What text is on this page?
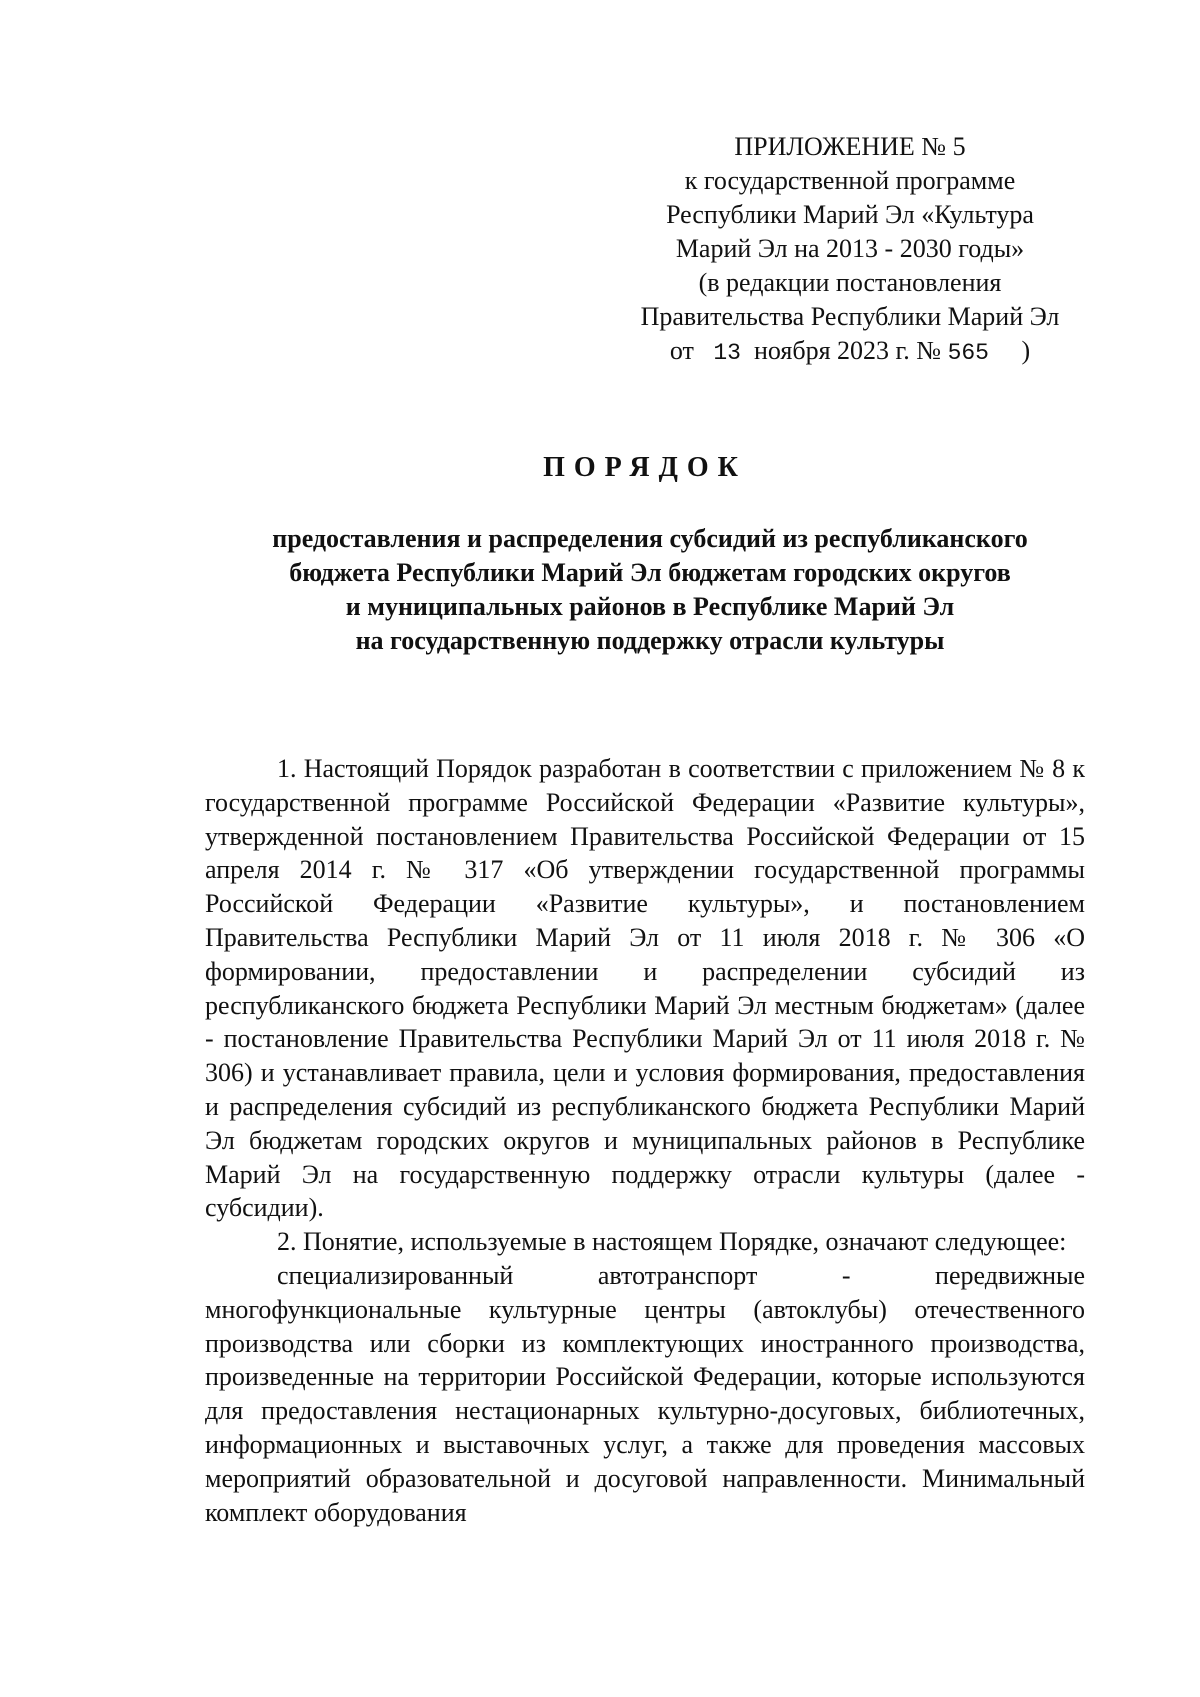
ПРИЛОЖЕНИЕ № 5
к государственной программе
Республики Марий Эл «Культура
Марий Эл на 2013 - 2030 годы»
(в редакции постановления
Правительства Республики Марий Эл
от 13 ноября 2023 г. № 565 )
ПОРЯДОК
предоставления и распределения субсидий из республиканского
бюджета Республики Марий Эл бюджетам городских округов
и муниципальных районов в Республике Марий Эл
на государственную поддержку отрасли культуры

1. Настоящий Порядок разработан в соответствии с приложением № 8 к государственной программе Российской Федерации «Развитие культуры», утвержденной постановлением Правительства Российской Федерации от 15 апреля 2014 г. № 317 «Об утверждении государственной программы Российской Федерации «Развитие культуры», и постановлением Правительства Республики Марий Эл от 11 июля 2018 г. № 306 «О формировании, предоставлении и распределении субсидий из республиканского бюджета Республики Марий Эл местным бюджетам» (далее - постановление Правительства Республики Марий Эл от 11 июля 2018 г. № 306) и устанавливает правила, цели и условия формирования, предоставления и распределения субсидий из республиканского бюджета Республики Марий Эл бюджетам городских округов и муниципальных районов в Республике Марий Эл на государственную поддержку отрасли культуры (далее - субсидии).

2. Понятие, используемые в настоящем Порядке, означают следующее:

специализированный автотранспорт - передвижные многофункциональные культурные центры (автоклубы) отечественного производства или сборки из комплектующих иностранного производства, произведенные на территории Российской Федерации, которые используются для предоставления нестационарных культурно-досуговых, библиотечных, информационных и выставочных услуг, а также для проведения массовых мероприятий образовательной и досуговой направленности. Минимальный комплект оборудования
